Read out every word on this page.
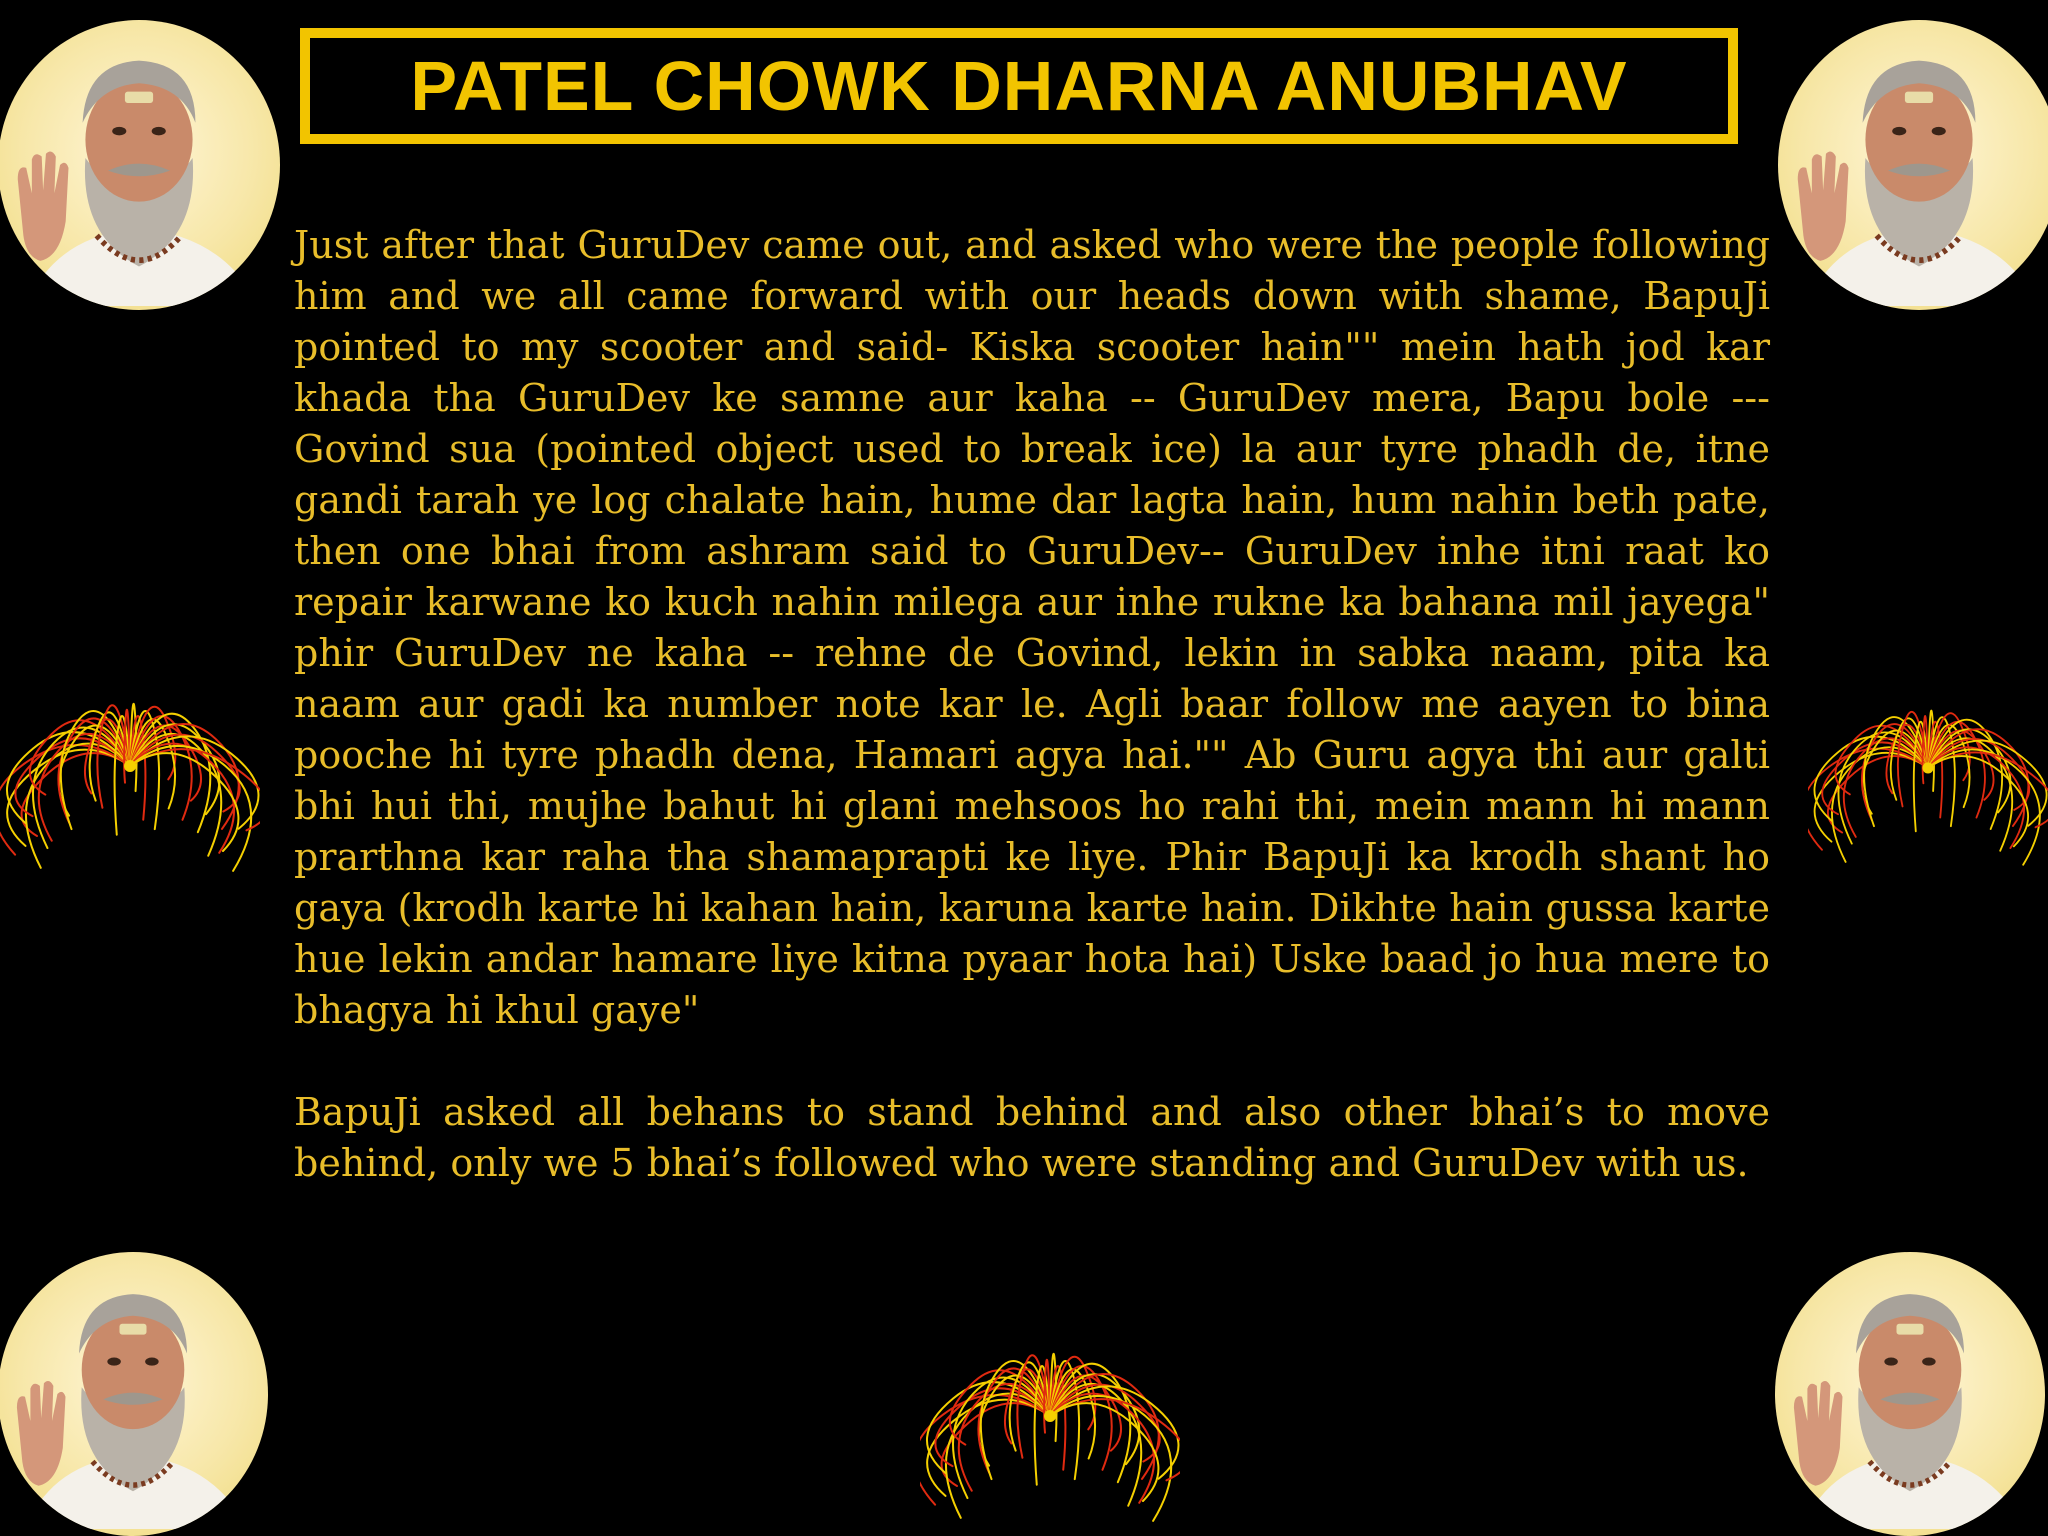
PATEL CHOWK DHARNA ANUBHAV

Just after that GuruDev came out, and asked who were the people following him and we all came forward with our heads down with shame, BapuJi pointed to my scooter and said- Kiska scooter hain"" mein hath jod kar khada tha GuruDev ke samne aur kaha -- GuruDev mera, Bapu bole --- Govind sua (pointed object used to break ice) la aur tyre phadh de, itne gandi tarah ye log chalate hain, hume dar lagta hain, hum nahin beth pate, then one bhai from ashram said to GuruDev-- GuruDev inhe itni raat ko repair karwane ko kuch nahin milega aur inhe rukne ka bahana mil jayega" phir GuruDev ne kaha -- rehne de Govind, lekin in sabka naam, pita ka naam aur gadi ka number note kar le. Agli baar follow me aayen to bina pooche hi tyre phadh dena, Hamari agya hai."" Ab Guru agya thi aur galti bhi hui thi, mujhe bahut hi glani mehsoos ho rahi thi, mein mann hi mann prarthna kar raha tha shamaprapti ke liye. Phir BapuJi ka krodh shant ho gaya (krodh karte hi kahan hain, karuna karte hain. Dikhte hain gussa karte hue lekin andar hamare liye kitna pyaar hota hai) Uske baad jo hua mere to bhagya hi khul gaye"

BapuJi asked all behans to stand behind and also other bhai’s to move behind, only we 5 bhai’s followed who were standing and GuruDev with us.
